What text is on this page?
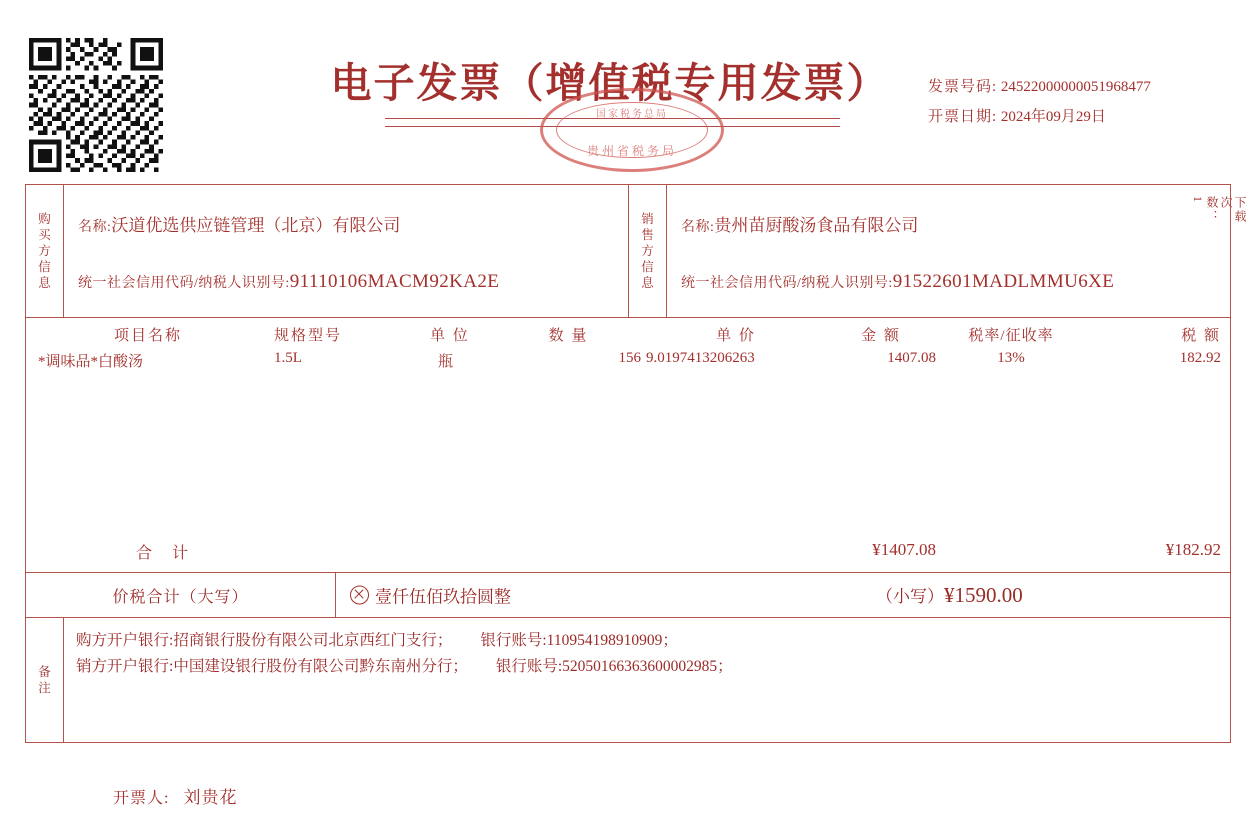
电子发票（增值税专用发票）
国家税务总局
贵州省税务局
发票号码: 24522000000051968477
开票日期: 2024年09月29日
下载次数：1
购买方信息
名称:沃道优选供应链管理（北京）有限公司
统一社会信用代码/纳税人识别号:91110106MACM92KA2E
销售方信息
名称:贵州苗厨酸汤食品有限公司
统一社会信用代码/纳税人识别号:91522601MADLMMU6XE
项目名称	规格型号	单 位	数 量	单 价	金 额	税率/征收率	税 额
*调味品*白酸汤	1.5L	瓶	156 9.0197413206263	1407.08	13%	182.92
合计	¥1407.08	¥182.92
价税合计（大写）	壹仟伍佰玖拾圆整	（小写）¥1590.00
备注
购方开户银行:招商银行股份有限公司北京西红门支行； 银行账号:110954198910909；
销方开户银行:中国建设银行股份有限公司黔东南州分行； 银行账号:52050166363600002985；
开票人: 刘贵花
